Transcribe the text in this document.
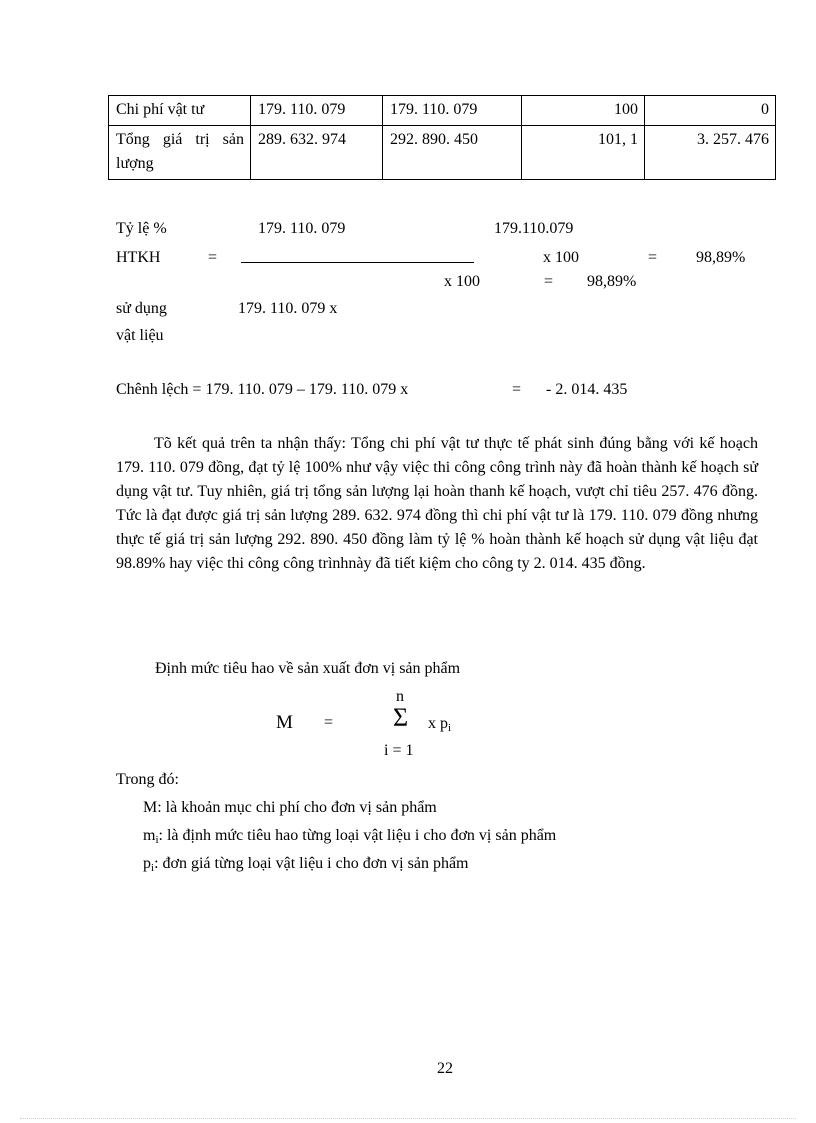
Chi phí vật tư	179. 110. 079	179. 110. 079	100	0
Tổng giá trị sản lượng	289. 632. 974	292. 890. 450	101, 1	3. 257. 476
Tỷ lệ %	179. 110. 079	179.110.079
HTKH	=	x 100	= 98,89%
x 100	= 98,89%
sử dụng	179. 110. 079 x
vật liệu
Chênh lệch = 179. 110. 079 – 179. 110. 079 x	= - 2. 014. 435
Tõ kết quả trên ta nhận thấy: Tổng chi phí vật tư thực tế phát sinh đúng bằng với kế hoạch 179. 110. 079 đồng, đạt tỷ lệ 100% như vậy việc thi công công trình này đã hoàn thành kế hoạch sử dụng vật tư. Tuy nhiên, giá trị tổng sản lượng lại hoàn thanh kế hoạch, vượt chỉ tiêu 257. 476 đồng. Tức là đạt được giá trị sản lượng 289. 632. 974 đồng thì chi phí vật tư là 179. 110. 079 đồng nhưng thực tế giá trị sản lượng 292. 890. 450 đồng làm tỷ lệ % hoàn thành kế hoạch sử dụng vật liệu đạt 98.89% hay việc thi công công trìnhnày đã tiết kiệm cho công ty 2. 014. 435 đồng.
Định mức tiêu hao về sản xuất đơn vị sản phẩm
n
M = Σ x $p_i$
i = 1
Trong đó:
M: là khoản mục chi phí cho đơn vị sản phẩm
$m_i$: là định mức tiêu hao từng loại vật liệu i cho đơn vị sản phẩm
$p_i$: đơn giá từng loại vật liệu i cho đơn vị sản phẩm
22
